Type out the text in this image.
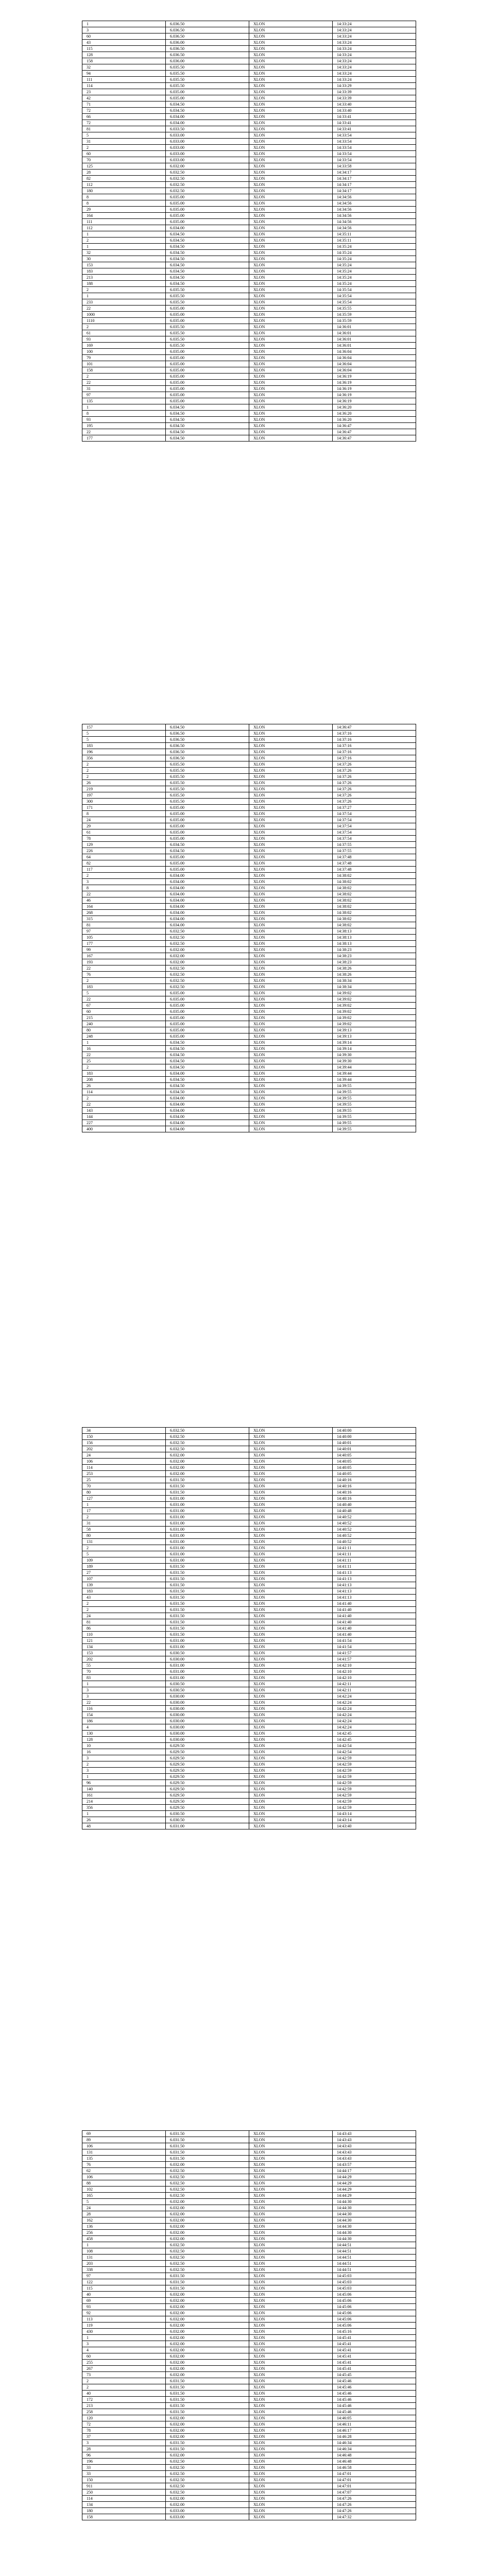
1	6.036.50	XLON	14:33:24
3	6.036.50	XLON	14:33:24
60	6.036.50	XLON	14:33:24
43	6.036.00	XLON	14:33:24
115	6.036.50	XLON	14:33:24
128	6.036.50	XLON	14:33:24
158	6.036.00	XLON	14:33:24
32	6.035.50	XLON	14:33:24
94	6.035.50	XLON	14:33:24
111	6.035.50	XLON	14:33:24
114	6.035.50	XLON	14:33:29
23	6.035.00	XLON	14:33:39
42	6.035.00	XLON	14:33:39
71	6.034.50	XLON	14:33:40
72	6.034.50	XLON	14:33:40
66	6.034.00	XLON	14:33:41
72	6.034.00	XLON	14:33:41
81	6.033.50	XLON	14:33:41
5	6.033.00	XLON	14:33:54
31	6.033.00	XLON	14:33:54
2	6.033.00	XLON	14:33:54
60	6.033.00	XLON	14:33:54
70	6.033.00	XLON	14:33:54
125	6.032.00	XLON	14:33:58
28	6.032.50	XLON	14:34:17
82	6.032.50	XLON	14:34:17
112	6.032.50	XLON	14:34:17
180	6.032.50	XLON	14:34:17
8	6.035.00	XLON	14:34:56
8	6.035.00	XLON	14:34:56
29	6.035.00	XLON	14:34:56
164	6.035.00	XLON	14:34:56
111	6.035.00	XLON	14:34:56
112	6.034.00	XLON	14:34:56
1	6.034.50	XLON	14:35:11
2	6.034.50	XLON	14:35:11
1	6.034.50	XLON	14:35:24
32	6.034.50	XLON	14:35:24
30	6.034.50	XLON	14:35:24
153	6.034.50	XLON	14:35:24
183	6.034.50	XLON	14:35:24
213	6.034.50	XLON	14:35:24
188	6.034.50	XLON	14:35:24
2	6.035.50	XLON	14:35:54
1	6.035.50	XLON	14:35:54
233	6.035.50	XLON	14:35:54
22	6.035.00	XLON	14:35:55
1000	6.035.00	XLON	14:35:59
1110	6.035.00	XLON	14:35:59
2	6.035.50	XLON	14:36:01
61	6.035.50	XLON	14:36:01
93	6.035.50	XLON	14:36:01
169	6.035.50	XLON	14:36:01
100	6.035.00	XLON	14:36:04
79	6.035.00	XLON	14:36:04
101	6.035.00	XLON	14:36:04
158	6.035.00	XLON	14:36:04
2	6.035.00	XLON	14:36:19
22	6.035.00	XLON	14:36:19
31	6.035.00	XLON	14:36:19
97	6.035.00	XLON	14:36:19
135	6.035.00	XLON	14:36:19
1	6.034.50	XLON	14:36:20
8	6.034.50	XLON	14:36:20
93	6.034.50	XLON	14:36:20
195	6.034.50	XLON	14:36:47
22	6.034.50	XLON	14:36:47
177	6.034.50	XLON	14:36:47
157	6.034.50	XLON	14:36:47
5	6.036.50	XLON	14:37:16
5	6.036.50	XLON	14:37:16
183	6.036.50	XLON	14:37:16
196	6.036.50	XLON	14:37:16
356	6.036.50	XLON	14:37:16
2	6.035.50	XLON	14:37:26
2	6.035.50	XLON	14:37:26
2	6.035.50	XLON	14:37:26
26	6.035.50	XLON	14:37:26
219	6.035.50	XLON	14:37:26
197	6.035.50	XLON	14:37:26
300	6.035.50	XLON	14:37:26
171	6.035.00	XLON	14:37:27
8	6.035.00	XLON	14:37:54
24	6.035.00	XLON	14:37:54
29	6.035.00	XLON	14:37:54
61	6.035.00	XLON	14:37:54
78	6.035.00	XLON	14:37:54
129	6.034.50	XLON	14:37:55
226	6.034.50	XLON	14:37:55
64	6.035.00	XLON	14:37:48
82	6.035.00	XLON	14:37:48
117	6.035.00	XLON	14:37:48
2	6.034.00	XLON	14:38:02
3	6.034.00	XLON	14:38:02
8	6.034.00	XLON	14:38:02
22	6.034.00	XLON	14:38:02
46	6.034.00	XLON	14:38:02
164	6.034.00	XLON	14:38:02
268	6.034.00	XLON	14:38:02
315	6.034.00	XLON	14:38:02
81	6.034.00	XLON	14:38:02
97	6.032.50	XLON	14:38:13
105	6.032.50	XLON	14:38:13
177	6.032.50	XLON	14:38:13
99	6.032.00	XLON	14:38:23
167	6.032.00	XLON	14:38:23
193	6.032.00	XLON	14:38:23
22	6.032.50	XLON	14:38:26
76	6.032.50	XLON	14:38:26
2	6.032.50	XLON	14:38:34
183	6.032.50	XLON	14:38:34
5	6.035.00	XLON	14:39:02
22	6.035.00	XLON	14:39:02
67	6.035.00	XLON	14:39:02
60	6.035.00	XLON	14:39:02
215	6.035.00	XLON	14:39:02
240	6.035.00	XLON	14:39:02
80	6.035.00	XLON	14:39:13
248	6.035.00	XLON	14:39:13
1	6.034.50	XLON	14:39:14
16	6.034.50	XLON	14:39:14
22	6.034.50	XLON	14:39:30
25	6.034.50	XLON	14:39:30
2	6.034.50	XLON	14:39:44
183	6.034.00	XLON	14:39:44
208	6.034.50	XLON	14:39:44
26	6.034.50	XLON	14:39:55
114	6.034.50	XLON	14:39:55
2	6.034.00	XLON	14:39:55
22	6.034.00	XLON	14:39:55
143	6.034.00	XLON	14:39:55
144	6.034.00	XLON	14:39:55
227	6.034.00	XLON	14:39:55
400	6.034.00	XLON	14:39:55
34	6.032.50	XLON	14:40:00
150	6.032.50	XLON	14:40:00
156	6.032.50	XLON	14:40:01
202	6.032.50	XLON	14:40:01
24	6.032.00	XLON	14:40:05
106	6.032.00	XLON	14:40:05
114	6.032.00	XLON	14:40:05
253	6.032.00	XLON	14:40:05
25	6.031.50	XLON	14:40:16
70	6.031.50	XLON	14:40:16
80	6.031.50	XLON	14:40:16
127	6.031.00	XLON	14:40:16
1	6.031.00	XLON	14:40:40
17	6.031.00	XLON	14:40:48
2	6.031.00	XLON	14:40:52
31	6.031.00	XLON	14:40:52
58	6.031.00	XLON	14:40:52
80	6.031.00	XLON	14:40:52
131	6.031.00	XLON	14:40:52
2	6.031.00	XLON	14:41:11
5	6.031.00	XLON	14:41:11
109	6.031.00	XLON	14:41:11
189	6.031.50	XLON	14:41:11
27	6.031.50	XLON	14:41:13
107	6.031.50	XLON	14:41:13
139	6.031.50	XLON	14:41:13
183	6.031.50	XLON	14:41:13
43	6.031.50	XLON	14:41:13
2	6.031.50	XLON	14:41:40
2	6.031.50	XLON	14:41:40
24	6.031.50	XLON	14:41:40
81	6.031.50	XLON	14:41:40
86	6.031.50	XLON	14:41:40
110	6.031.50	XLON	14:41:40
121	6.031.00	XLON	14:41:54
134	6.031.00	XLON	14:41:54
153	6.030.50	XLON	14:41:57
202	6.030.00	XLON	14:41:57
55	6.031.00	XLON	14:42:10
70	6.031.00	XLON	14:42:10
83	6.031.00	XLON	14:42:10
1	6.030.50	XLON	14:42:11
3	6.030.50	XLON	14:42:11
3	6.030.00	XLON	14:42:24
22	6.030.00	XLON	14:42:24
116	6.030.00	XLON	14:42:24
154	6.030.00	XLON	14:42:24
186	6.030.00	XLON	14:42:24
4	6.030.00	XLON	14:42:24
130	6.030.00	XLON	14:42:45
128	6.030.00	XLON	14:42:45
10	6.029.50	XLON	14:42:54
16	6.029.50	XLON	14:42:54
3	6.029.50	XLON	14:42:59
2	6.029.50	XLON	14:42:59
3	6.029.50	XLON	14:42:59
1	6.029.50	XLON	14:42:59
96	6.029.50	XLON	14:42:59
140	6.029.50	XLON	14:42:59
161	6.029.50	XLON	14:42:59
214	6.029.50	XLON	14:42:59
356	6.029.50	XLON	14:42:59
1	6.030.50	XLON	14:43:14
26	6.030.50	XLON	14:43:14
48	6.031.00	XLON	14:43:40
69	6.031.50	XLON	14:43:43
89	6.031.50	XLON	14:43:43
106	6.031.50	XLON	14:43:43
131	6.031.50	XLON	14:43:43
135	6.031.50	XLON	14:43:43
76	6.032.00	XLON	14:43:57
62	6.032.50	XLON	14:44:17
106	6.032.50	XLON	14:44:29
88	6.032.50	XLON	14:44:29
102	6.032.50	XLON	14:44:29
165	6.032.50	XLON	14:44:29
5	6.032.00	XLON	14:44:30
24	6.032.00	XLON	14:44:30
28	6.032.00	XLON	14:44:30
162	6.032.00	XLON	14:44:30
136	6.032.00	XLON	14:44:30
256	6.032.00	XLON	14:44:30
458	6.032.00	XLON	14:44:30
1	6.032.50	XLON	14:44:51
108	6.032.50	XLON	14:44:51
131	6.032.50	XLON	14:44:51
203	6.032.50	XLON	14:44:51
338	6.032.50	XLON	14:44:51
97	6.031.50	XLON	14:45:03
122	6.031.50	XLON	14:45:03
115	6.031.50	XLON	14:45:03
40	6.032.00	XLON	14:45:06
69	6.032.00	XLON	14:45:06
93	6.032.00	XLON	14:45:06
92	6.032.00	XLON	14:45:06
113	6.032.00	XLON	14:45:06
119	6.032.00	XLON	14:45:06
430	6.032.00	XLON	14:45:16
1	6.032.00	XLON	14:45:41
3	6.032.00	XLON	14:45:41
4	6.032.00	XLON	14:45:41
60	6.032.00	XLON	14:45:41
255	6.032.00	XLON	14:45:41
267	6.032.00	XLON	14:45:41
73	6.032.00	XLON	14:45:45
2	6.031.50	XLON	14:45:46
2	6.031.50	XLON	14:45:46
40	6.031.50	XLON	14:45:46
172	6.031.50	XLON	14:45:46
213	6.031.50	XLON	14:45:46
258	6.031.50	XLON	14:45:46
120	6.032.00	XLON	14:46:05
72	6.032.00	XLON	14:46:11
78	6.032.00	XLON	14:46:17
37	6.032.00	XLON	14:46:28
3	6.031.50	XLON	14:46:34
28	6.031.50	XLON	14:46:34
96	6.032.00	XLON	14:46:48
196	6.032.50	XLON	14:46:48
33	6.032.50	XLON	14:46:58
33	6.032.50	XLON	14:47:01
150	6.032.50	XLON	14:47:01
911	6.032.50	XLON	14:47:01
250	6.032.50	XLON	14:47:07
114	6.032.00	XLON	14:47:26
134	6.032.00	XLON	14:47:26
180	6.033.00	XLON	14:47:26
158	6.033.00	XLON	14:47:32
